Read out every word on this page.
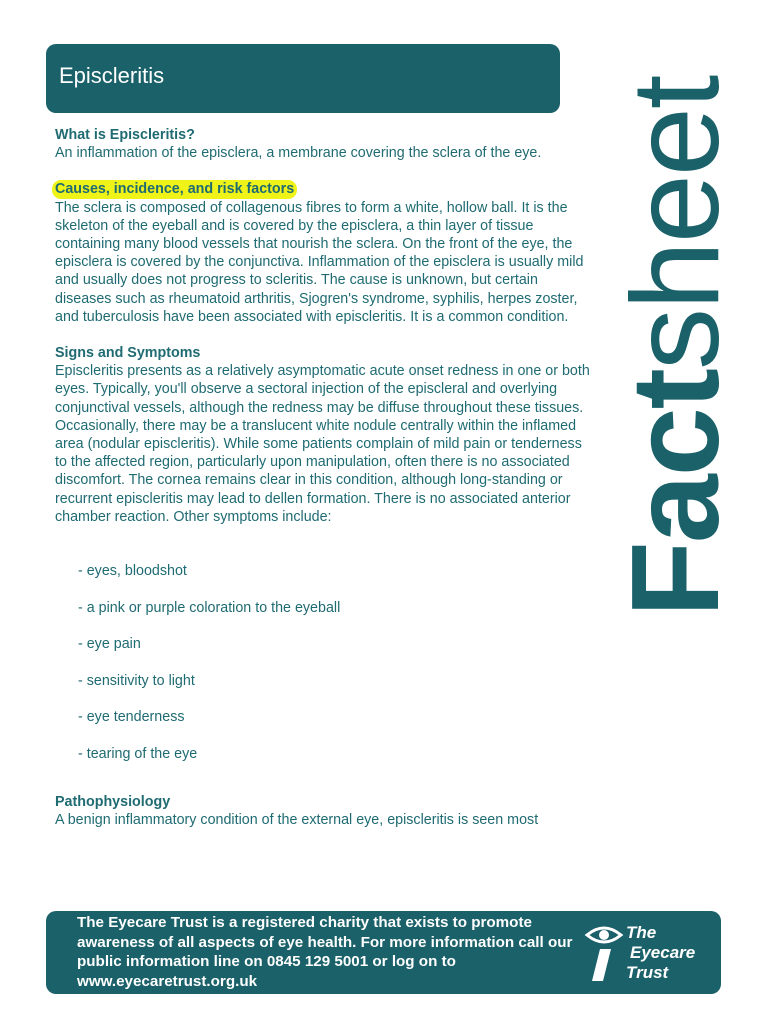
Episcleritis
Factsheet
What is Episcleritis?
An inflammation of the episclera, a membrane covering the sclera of the eye.
Causes, incidence, and risk factors
The sclera is composed of collagenous fibres to form a white, hollow ball. It is the skeleton of the eyeball and is covered by the episclera, a thin layer of tissue containing many blood vessels that nourish the sclera. On the front of the eye, the episclera is covered by the conjunctiva. Inflammation of the episclera is usually mild and usually does not progress to scleritis. The cause is unknown, but certain diseases such as rheumatoid arthritis, Sjogren's syndrome, syphilis, herpes zoster, and tuberculosis have been associated with episcleritis. It is a common condition.
Signs and Symptoms
Episcleritis presents as a relatively asymptomatic acute onset redness in one or both eyes. Typically, you'll observe a sectoral injection of the episcleral and overlying conjunctival vessels, although the redness may be diffuse throughout these tissues. Occasionally, there may be a translucent white nodule centrally within the inflamed area (nodular episcleritis). While some patients complain of mild pain or tenderness to the affected region, particularly upon manipulation, often there is no associated discomfort. The cornea remains clear in this condition, although long-standing or recurrent episcleritis may lead to dellen formation. There is no associated anterior chamber reaction. Other symptoms include:
- eyes, bloodshot
- a pink or purple coloration to the eyeball
- eye pain
- sensitivity to light
- eye tenderness
- tearing of the eye
Pathophysiology
A benign inflammatory condition of the external eye, episcleritis is seen most
The Eyecare Trust is a registered charity that exists to promote awareness of all aspects of eye health. For more information call our public information line on 0845 129 5001 or log on to www.eyecaretrust.org.uk
The
Eyecare
Trust
